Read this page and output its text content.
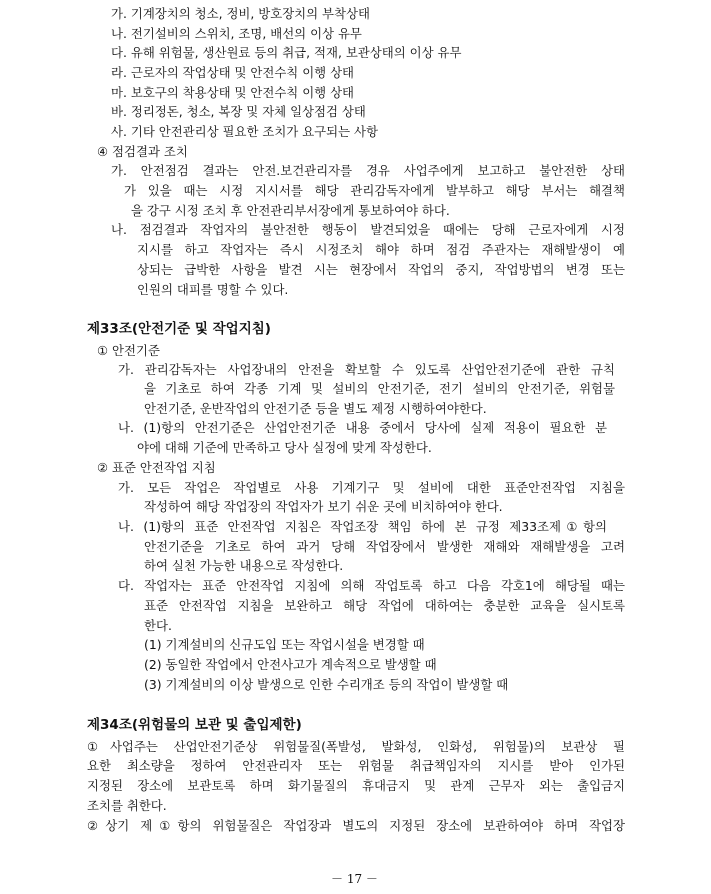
가. 기계장치의 청소, 정비, 방호장치의 부착상태
나. 전기설비의 스위치, 조명, 배선의 이상 유무
다. 유해 위험물, 생산원료 등의 취급, 적재, 보관상태의 이상 유무
라. 근로자의 작업상태 및 안전수칙 이행 상태
마. 보호구의 착용상태 및 안전수칙 이행 상태
바. 정리정돈, 청소, 복장 및 자체 일상점검 상태
사. 기타 안전관리상 필요한 조치가 요구되는 사항
④ 점검결과 조치
가. 안전점검 결과는 안전.보건관리자를 경유 사업주에게 보고하고 불안전한 상태
가 있을 때는 시정 지시서를 해당 관리감독자에게 발부하고 해당 부서는 해결책
을 강구 시정 조치 후 안전관리부서장에게 통보하여야 하다.
나. 점검결과 작업자의 불안전한 행동이 발견되었을 때에는 당해 근로자에게 시정
지시를 하고 작업자는 즉시 시정조치 해야 하며 점검 주관자는 재해발생이 예
상되는 급박한 사항을 발견 시는 현장에서 작업의 중지, 작업방법의 변경 또는
인원의 대피를 명할 수 있다.
제33조(안전기준 및 작업지침)
① 안전기준
가. 관리감독자는 사업장내의 안전을 확보할 수 있도록 산업안전기준에 관한 규칙
을 기초로 하여 각종 기계 및 설비의 안전기준, 전기 설비의 안전기준, 위험물
안전기준, 운반작업의 안전기준 등을 별도 제정 시행하여야한다.
나. (1)항의 안전기준은 산업안전기준 내용 중에서 당사에 실제 적용이 필요한 분
야에 대해 기준에 만족하고 당사 실정에 맞게 작성한다.
② 표준 안전작업 지침
가. 모든 작업은 작업별로 사용 기계기구 및 설비에 대한 표준안전작업 지침을
작성하여 해당 작업장의 작업자가 보기 쉬운 곳에 비치하여야 한다.
나. (1)항의 표준 안전작업 지침은 작업조장 책임 하에 본 규정 제33조제①항의
안전기준을 기초로 하여 과거 당해 작업장에서 발생한 재해와 재해발생을 고려
하여 실천 가능한 내용으로 작성한다.
다. 작업자는 표준 안전작업 지침에 의해 작업토록 하고 다음 각호1에 해당될 때는
표준 안전작업 지침을 보완하고 해당 작업에 대하여는 충분한 교육을 실시토록
한다.
(1) 기계설비의 신규도입 또는 작업시설을 변경할 때
(2) 동일한 작업에서 안전사고가 계속적으로 발생할 때
(3) 기계설비의 이상 발생으로 인한 수리개조 등의 작업이 발생할 때
제34조(위험물의 보관 및 출입제한)
①사업주는 산업안전기준상 위험물질(폭발성, 발화성, 인화성, 위험물)의 보관상 필
요한 최소량을 정하여 안전관리자 또는 위험물 취급책임자의 지시를 받아 인가된
지정된 장소에 보관토록 하며 화기물질의 휴대금지 및 관계 근무자 외는 출입금지
조치를 취한다.
②상기 제①항의 위험물질은 작업장과 별도의 지정된 장소에 보관하여야 하며 작업장
－ 17 －
